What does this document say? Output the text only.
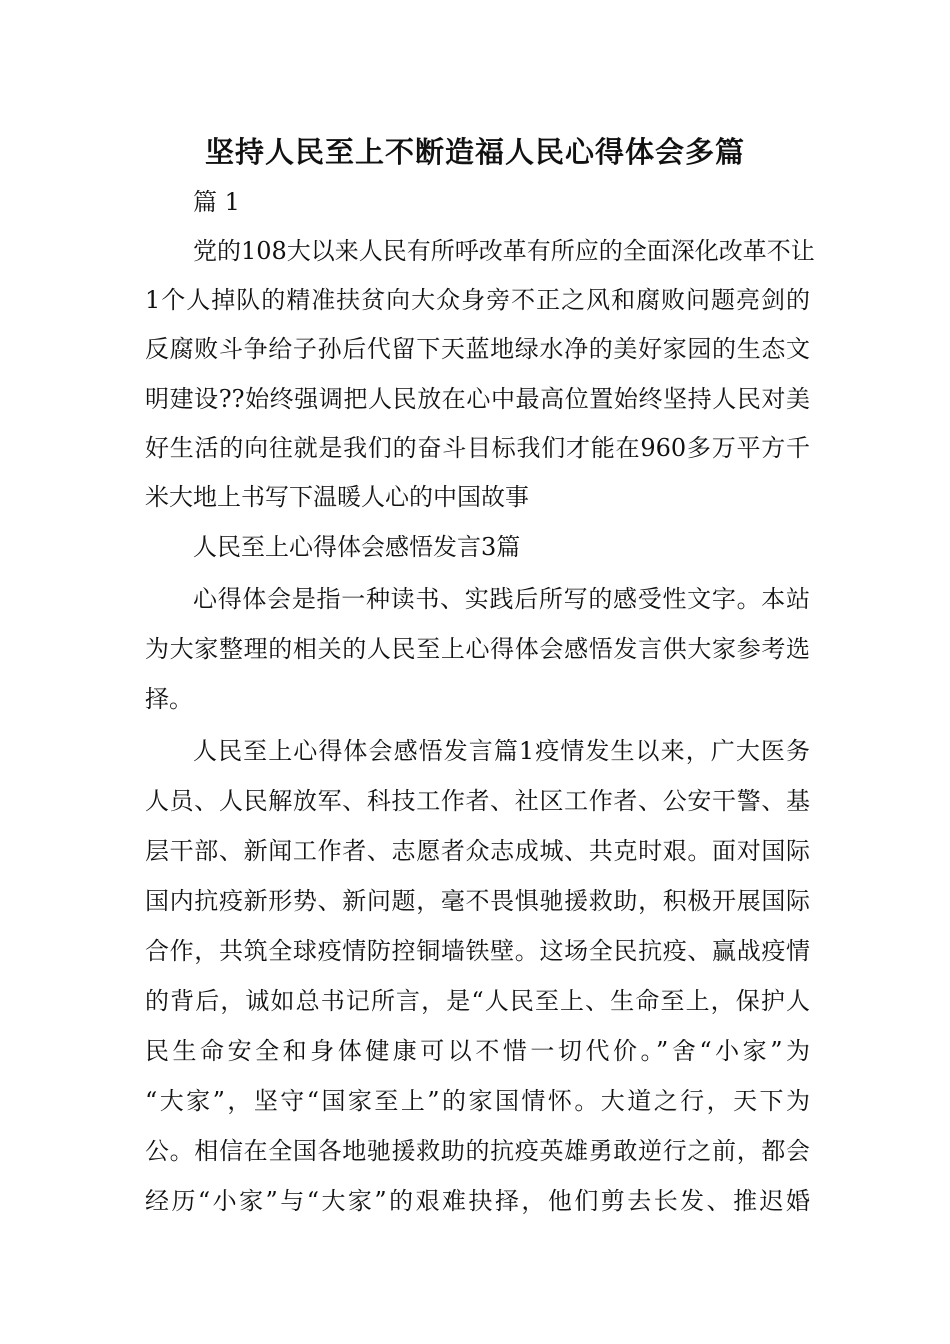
坚持人民至上不断造福人民心得体会多篇

篇 1

党的108大以来人民有所呼改革有所应的全面深化改革不让

1个人掉队的精准扶贫向大众身旁不正之风和腐败问题亮剑的

反腐败斗争给子孙后代留下天蓝地绿水净的美好家园的生态文

明建设??始终强调把人民放在心中最高位置始终坚持人民对美

好生活的向往就是我们的奋斗目标我们才能在960多万平方千

米大地上书写下温暖人心的中国故事

人民至上心得体会感悟发言3篇

心得体会是指一种读书、实践后所写的感受性文字。本站

为大家整理的相关的人民至上心得体会感悟发言供大家参考选

择。

人民至上心得体会感悟发言篇1疫情发生以来，广大医务

人员、人民解放军、科技工作者、社区工作者、公安干警、基

层干部、新闻工作者、志愿者众志成城、共克时艰。面对国际

国内抗疫新形势、新问题，毫不畏惧驰援救助，积极开展国际

合作，共筑全球疫情防控铜墙铁壁。这场全民抗疫、赢战疫情

的背后，诚如总书记所言，是“人民至上、生命至上，保护人

民生命安全和身体健康可以不惜一切代价。”舍“小家”为

“大家”，坚守“国家至上”的家国情怀。大道之行，天下为

公。相信在全国各地驰援救助的抗疫英雄勇敢逆行之前，都会

经历“小家”与“大家”的艰难抉择，他们剪去长发、推迟婚
